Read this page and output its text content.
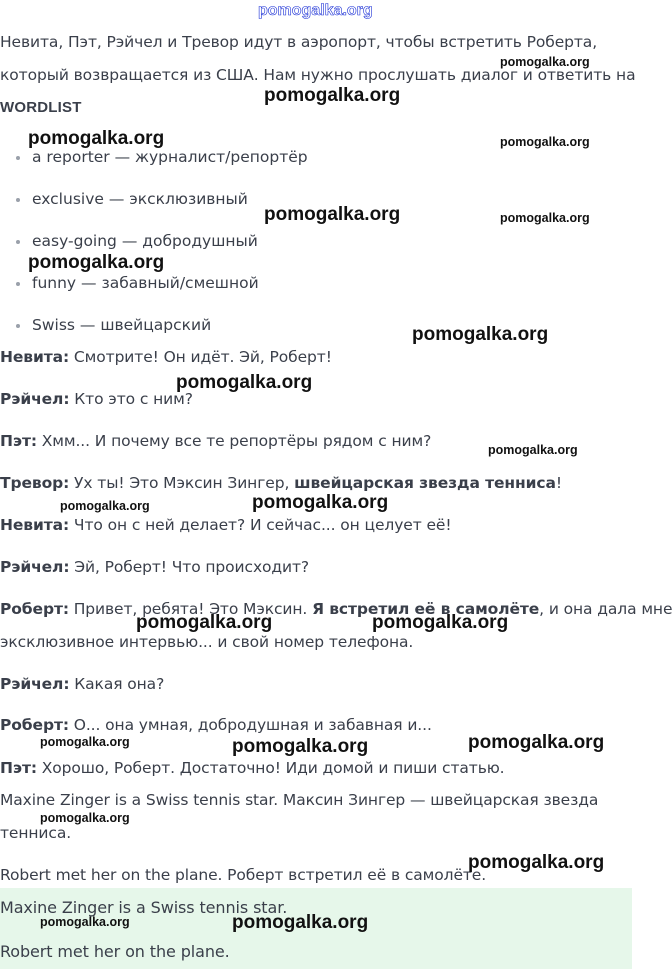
pomogalka.org
Невита, Пэт, Рэйчел и Тревор идут в аэропорт, чтобы встретить Роберта,
который возвращается из США. Нам нужно прослушать диалог и ответить на
WORDLIST
a reporter — журналист/репортёр
exclusive — эксклюзивный
easy-going — добродушный
funny — забавный/смешной
Swiss — швейцарский
Невита: Смотрите! Он идёт. Эй, Роберт!
Рэйчел: Кто это с ним?
Пэт: Хмм... И почему все те репортёры рядом с ним?
Тревор: Ух ты! Это Мэксин Зингер, швейцарская звезда тенниса!
Невита: Что он с ней делает? И сейчас... он целует её!
Рэйчел: Эй, Роберт! Что происходит?
Роберт: Привет, ребята! Это Мэксин. Я встретил её в самолёте, и она дала мне
эксклюзивное интервью... и свой номер телефона.
Рэйчел: Какая она?
Роберт: О... она умная, добродушная и забавная и...
Пэт: Хорошо, Роберт. Достаточно! Иди домой и пиши статью.
Maxine Zinger is a Swiss tennis star. Максин Зингер — швейцарская звезда
тенниса.
Robert met her on the plane. Роберт встретил её в самолёте.
Maxine Zinger is a Swiss tennis star.
Robert met her on the plane.
pomogalka.org
pomogalka.org
pomogalka.org	pomogalka.org
pomogalka.org	pomogalka.org
pomogalka.org
pomogalka.org
pomogalka.org
pomogalka.org
pomogalka.org
pomogalka.org
pomogalka.org	pomogalka.org
pomogalka.org	pomogalka.org	pomogalka.org
pomogalka.org
pomogalka.org
pomogalka.org	pomogalka.org
